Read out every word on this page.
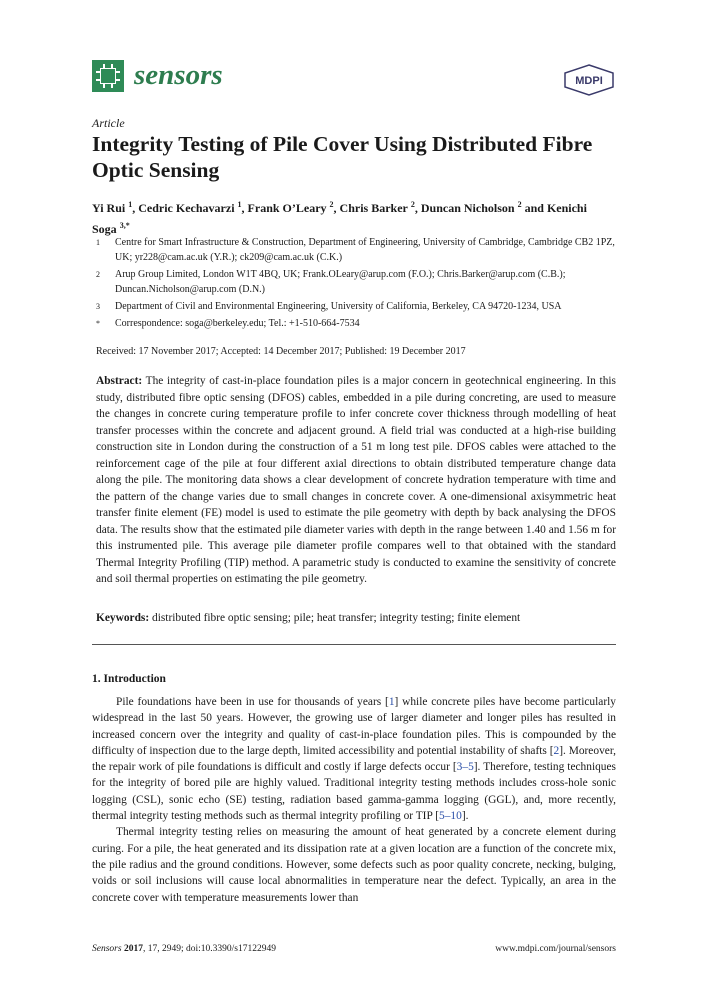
sensors	MDPI
Article
Integrity Testing of Pile Cover Using Distributed Fibre Optic Sensing
Yi Rui $^1$, Cedric Kechavarzi $^1$, Frank O’Leary $^2$, Chris Barker $^2$, Duncan Nicholson $^2$ and Kenichi Soga $^{3,*}$
1 Centre for Smart Infrastructure & Construction, Department of Engineering, University of Cambridge, Cambridge CB2 1PZ, UK; yr228@cam.ac.uk (Y.R.); ck209@cam.ac.uk (C.K.)
2 Arup Group Limited, London W1T 4BQ, UK; Frank.OLeary@arup.com (F.O.); Chris.Barker@arup.com (C.B.); Duncan.Nicholson@arup.com (D.N.)
3 Department of Civil and Environmental Engineering, University of California, Berkeley, CA 94720-1234, USA
* Correspondence: soga@berkeley.edu; Tel.: +1-510-664-7534
Received: 17 November 2017; Accepted: 14 December 2017; Published: 19 December 2017
Abstract: The integrity of cast-in-place foundation piles is a major concern in geotechnical engineering. In this study, distributed fibre optic sensing (DFOS) cables, embedded in a pile during concreting, are used to measure the changes in concrete curing temperature profile to infer concrete cover thickness through modelling of heat transfer processes within the concrete and adjacent ground. A field trial was conducted at a high-rise building construction site in London during the construction of a 51 m long test pile. DFOS cables were attached to the reinforcement cage of the pile at four different axial directions to obtain distributed temperature change data along the pile. The monitoring data shows a clear development of concrete hydration temperature with time and the pattern of the change varies due to small changes in concrete cover. A one-dimensional axisymmetric heat transfer finite element (FE) model is used to estimate the pile geometry with depth by back analysing the DFOS data. The results show that the estimated pile diameter varies with depth in the range between 1.40 and 1.56 m for this instrumented pile. This average pile diameter profile compares well to that obtained with the standard Thermal Integrity Profiling (TIP) method. A parametric study is conducted to examine the sensitivity of concrete and soil thermal properties on estimating the pile geometry.
Keywords: distributed fibre optic sensing; pile; heat transfer; integrity testing; finite element
1. Introduction

Pile foundations have been in use for thousands of years [1] while concrete piles have become particularly widespread in the last 50 years. However, the growing use of larger diameter and longer piles has resulted in increased concern over the integrity and quality of cast-in-place foundation piles. This is compounded by the difficulty of inspection due to the large depth, limited accessibility and potential instability of shafts [2]. Moreover, the repair work of pile foundations is difficult and costly if large defects occur [3–5]. Therefore, testing techniques for the integrity of bored pile are highly valued. Traditional integrity testing methods includes cross-hole sonic logging (CSL), sonic echo (SE) testing, radiation based gamma-gamma logging (GGL), and, more recently, thermal integrity testing methods such as thermal integrity profiling or TIP [5–10].

Thermal integrity testing relies on measuring the amount of heat generated by a concrete element during curing. For a pile, the heat generated and its dissipation rate at a given location are a function of the concrete mix, the pile radius and the ground conditions. However, some defects such as poor quality concrete, necking, bulging, voids or soil inclusions will cause local abnormalities in temperature near the defect. Typically, an area in the concrete cover with temperature measurements lower than

Sensors 2017, 17, 2949; doi:10.3390/s17122949	www.mdpi.com/journal/sensors
